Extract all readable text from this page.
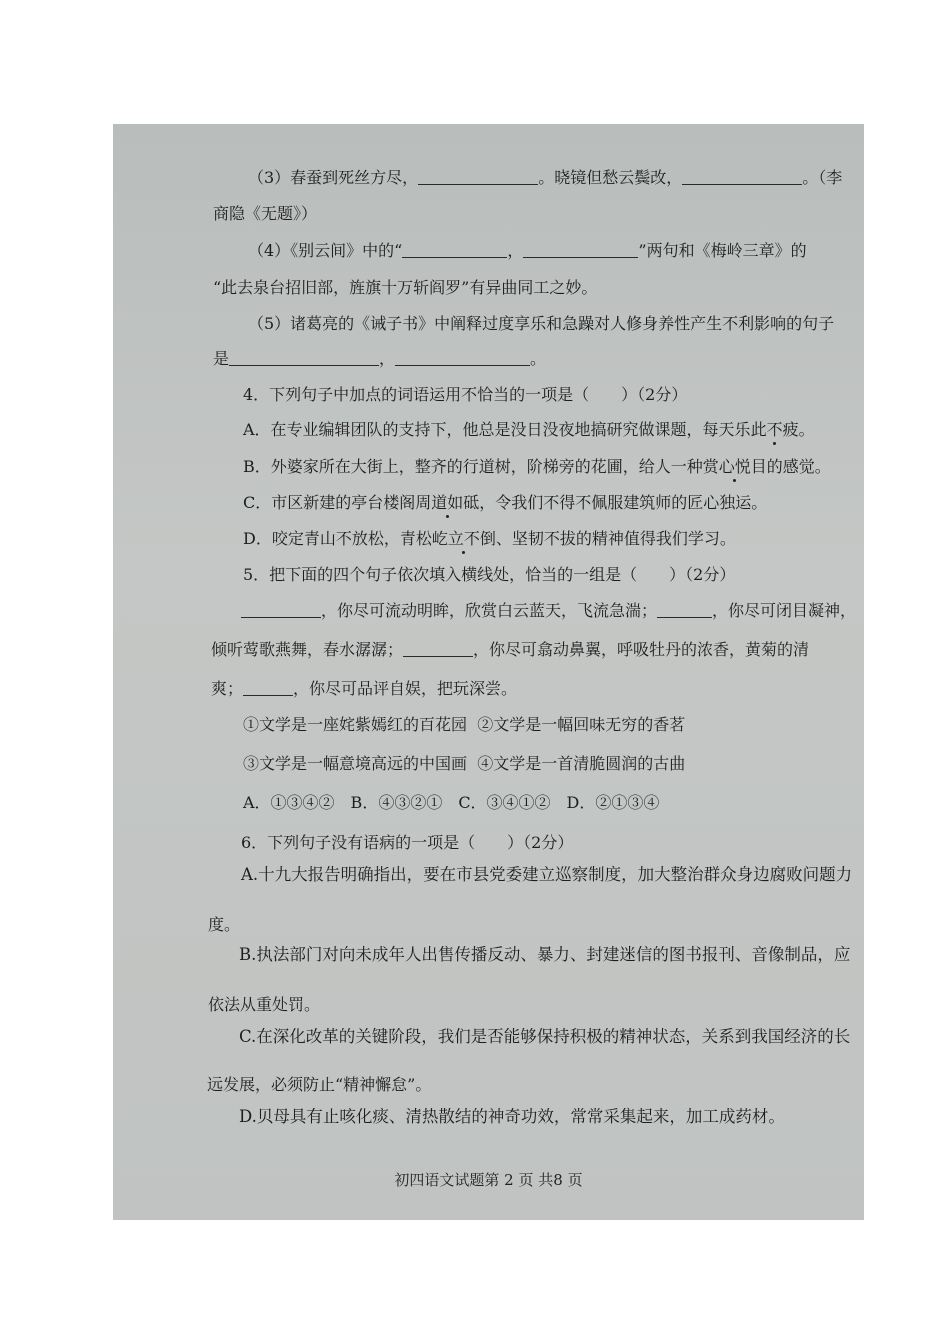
（3）春蚕到死丝方尽，	。晓镜但愁云鬓改，	。（李
商隐《无题》）
（4）《别云间》中的“	，	”两句和《梅岭三章》的
“此去泉台招旧部，旌旗十万斩阎罗”有异曲同工之妙。
（5）诸葛亮的《诫子书》中阐释过度享乐和急躁对人修身养性产生不利影响的句子
是	，	。
4．下列句子中加点的词语运用不恰当的一项是（　　）（2分）
A．在专业编辑团队的支持下，他总是没日没夜地搞研究做课题，每天乐此不疲。
B．外婆家所在大街上，整齐的行道树，阶梯旁的花圃，给人一种赏心悦目的感觉。
C．市区新建的亭台楼阁周道如砥，令我们不得不佩服建筑师的匠心独运。
D．咬定青山不放松，青松屹立不倒、坚韧不拔的精神值得我们学习。
5．把下面的四个句子依次填入横线处，恰当的一组是（　　）（2分）
，你尽可流动明眸，欣赏白云蓝天，飞流急湍；	，你尽可闭目凝神，
倾听莺歌燕舞，春水潺潺；	，你尽可翕动鼻翼，呼吸牡丹的浓香，黄菊的清
爽；	，你尽可品评自娱，把玩深尝。
①文学是一座姹紫嫣红的百花园 ②文学是一幅回味无穷的香茗
③文学是一幅意境高远的中国画 ④文学是一首清脆圆润的古曲
A．①③④②　B．④③②①　C．③④①②　D．②①③④
6．下列句子没有语病的一项是（　　）（2分）
A.十九大报告明确指出，要在市县党委建立巡察制度，加大整治群众身边腐败问题力
度。
B.执法部门对向未成年人出售传播反动、暴力、封建迷信的图书报刊、音像制品，应
依法从重处罚。
C.在深化改革的关键阶段，我们是否能够保持积极的精神状态，关系到我国经济的长
远发展，必须防止“精神懈怠”。
D.贝母具有止咳化痰、清热散结的神奇功效，常常采集起来，加工成药材。
初四语文试题第 2 页 共8 页
